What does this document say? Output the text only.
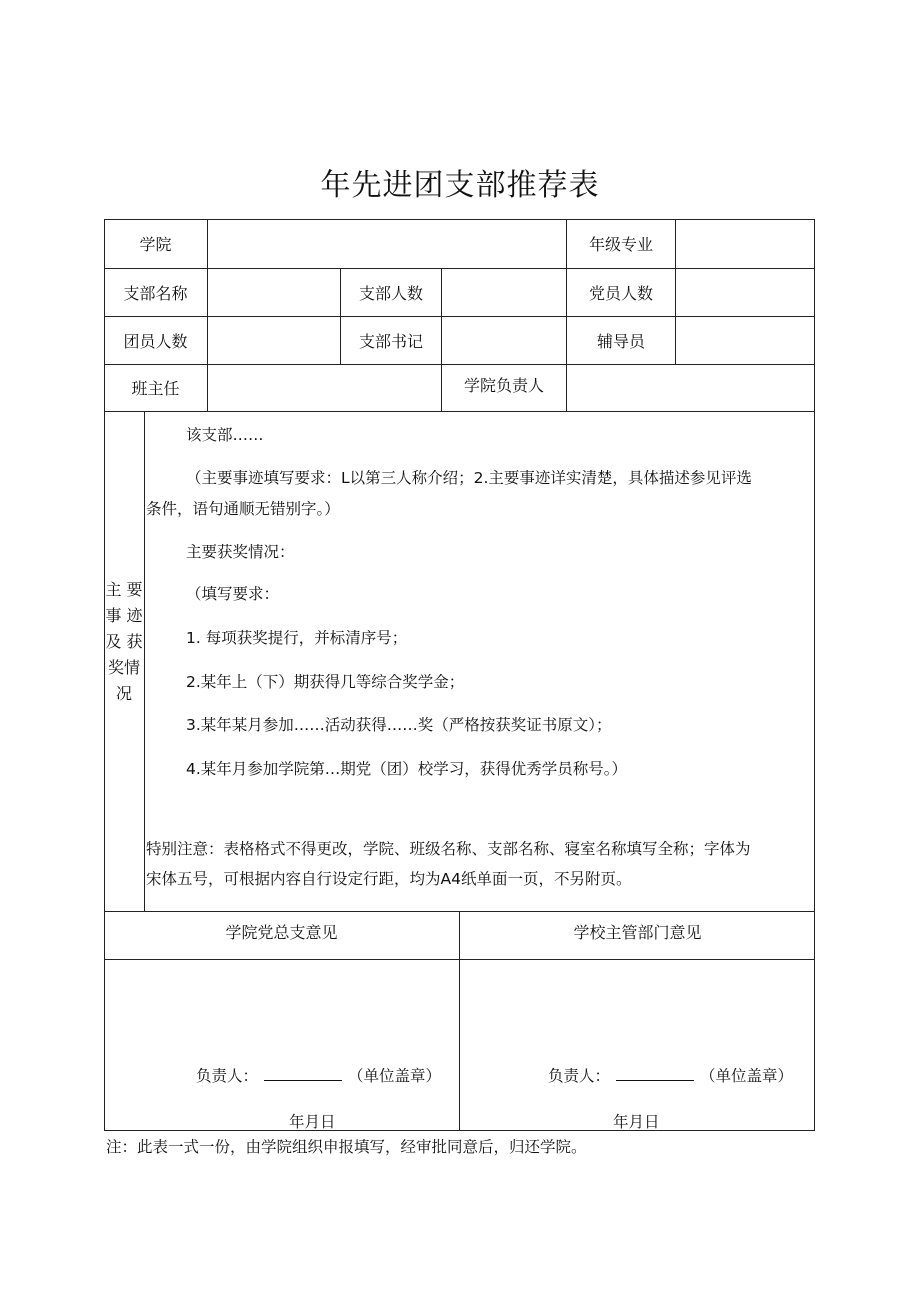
年先进团支部推荐表
学院	年级专业
支部名称	支部人数	党员人数
团员人数	支部书记	辅导员
班主任	学院负责人
主 要
事 迹
及 获
奖情
况
该支部……
（主要事迹填写要求：L以第三人称介绍；2.主要事迹详实清楚，具体描述参见评选
条件，语句通顺无错别字。）
主要获奖情况：
（填写要求：
1. 每项获奖提行，并标清序号；
2.某年上（下）期获得几等综合奖学金；
3.某年某月参加……活动获得……奖（严格按获奖证书原文）；
4.某年月参加学院第…期党（团）校学习，获得优秀学员称号。）
特别注意：表格格式不得更改，学院、班级名称、支部名称、寝室名称填写全称；字体为
宋体五号，可根据内容自行设定行距，均为A4纸单面一页，不另附页。
学院党总支意见	学校主管部门意见
负责人：	（单位盖章）
年月日
负责人：	（单位盖章）
年月日
注：此表一式一份，由学院组织申报填写，经审批同意后，归还学院。
